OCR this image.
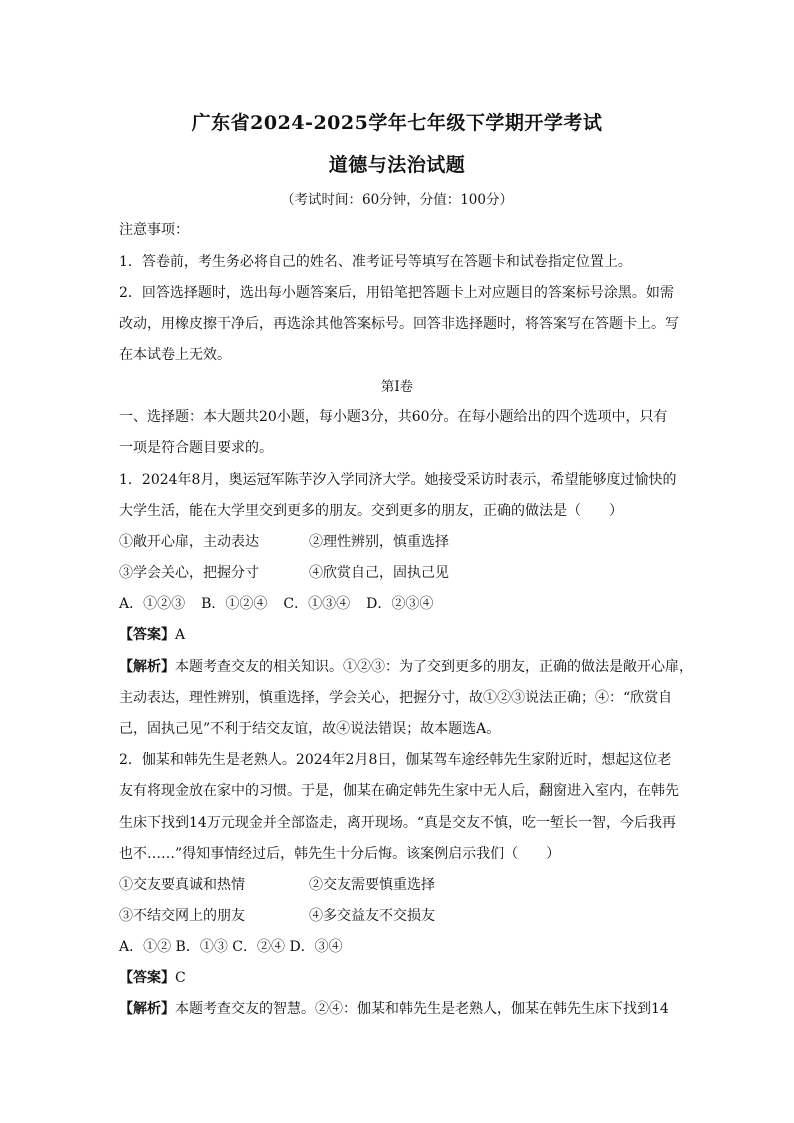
广东省2024-2025学年七年级下学期开学考试
道德与法治试题
（考试时间：60分钟，分值：100分）
注意事项：
1．答卷前，考生务必将自己的姓名、准考证号等填写在答题卡和试卷指定位置上。
2．回答选择题时，选出每小题答案后，用铅笔把答题卡上对应题目的答案标号涂黑。如需
改动，用橡皮擦干净后，再选涂其他答案标号。回答非选择题时，将答案写在答题卡上。写
在本试卷上无效。
第Ⅰ卷
一、选择题：本大题共20小题，每小题3分，共60分。在每小题给出的四个选项中，只有
一项是符合题目要求的。
1．2024年8月，奥运冠军陈芋汐入学同济大学。她接受采访时表示，希望能够度过愉快的
大学生活，能在大学里交到更多的朋友。交到更多的朋友，正确的做法是（　　）
①敞开心扉，主动表达	②理性辨别，慎重选择
③学会关心，把握分寸	④欣赏自己，固执己见
A．①②③ B．①②④ C．①③④ D．②③④
【答案】A
【解析】本题考查交友的相关知识。①②③：为了交到更多的朋友，正确的做法是敞开心扉，
主动表达，理性辨别，慎重选择，学会关心，把握分寸，故①②③说法正确；④：“欣赏自
己，固执己见”不利于结交友谊，故④说法错误；故本题选A。
2．伽某和韩先生是老熟人。2024年2月8日，伽某驾车途经韩先生家附近时，想起这位老
友有将现金放在家中的习惯。于是，伽某在确定韩先生家中无人后，翻窗进入室内，在韩先
生床下找到14万元现金并全部盗走，离开现场。“真是交友不慎，吃一堑长一智，今后我再
也不……”得知事情经过后，韩先生十分后悔。该案例启示我们（　　）
①交友要真诚和热情	②交友需要慎重选择
③不结交网上的朋友	④多交益友不交损友
A．①② B．①③ C．②④ D．③④
【答案】C
【解析】本题考查交友的智慧。②④：伽某和韩先生是老熟人，伽某在韩先生床下找到14
